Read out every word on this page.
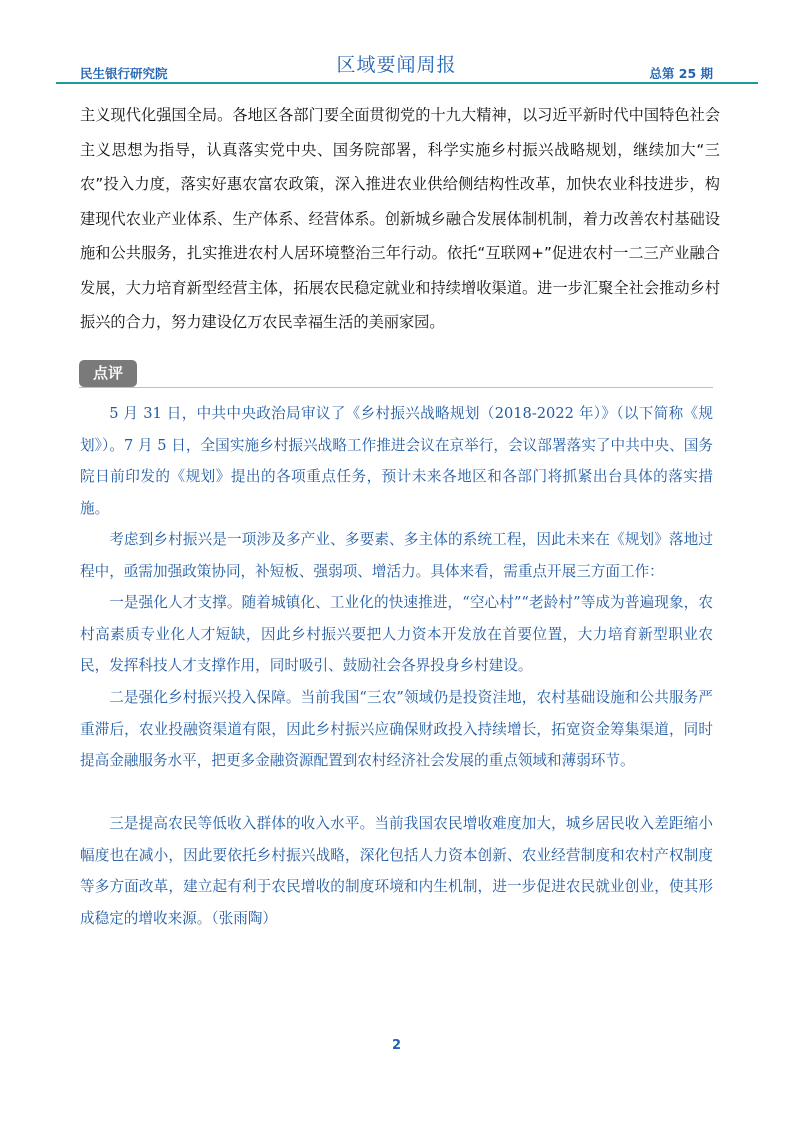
民生银行研究院	区域要闻周报	总第 25 期

主义现代化强国全局。各地区各部门要全面贯彻党的十九大精神，以习近平新时代中国特色社会主义思想为指导，认真落实党中央、国务院部署，科学实施乡村振兴战略规划，继续加大“三农”投入力度，落实好惠农富农政策，深入推进农业供给侧结构性改革，加快农业科技进步，构建现代农业产业体系、生产体系、经营体系。创新城乡融合发展体制机制，着力改善农村基础设施和公共服务，扎实推进农村人居环境整治三年行动。依托“互联网+”促进农村一二三产业融合发展，大力培育新型经营主体，拓展农民稳定就业和持续增收渠道。进一步汇聚全社会推动乡村振兴的合力，努力建设亿万农民幸福生活的美丽家园。

点评

5 月 31 日，中共中央政治局审议了《乡村振兴战略规划（2018-2022 年）》（以下简称《规划》）。7 月 5 日，全国实施乡村振兴战略工作推进会议在京举行，会议部署落实了中共中央、国务院日前印发的《规划》提出的各项重点任务，预计未来各地区和各部门将抓紧出台具体的落实措施。

考虑到乡村振兴是一项涉及多产业、多要素、多主体的系统工程，因此未来在《规划》落地过程中，亟需加强政策协同，补短板、强弱项、增活力。具体来看，需重点开展三方面工作：

一是强化人才支撑。随着城镇化、工业化的快速推进，“空心村”“老龄村”等成为普遍现象，农村高素质专业化人才短缺，因此乡村振兴要把人力资本开发放在首要位置，大力培育新型职业农民，发挥科技人才支撑作用，同时吸引、鼓励社会各界投身乡村建设。

二是强化乡村振兴投入保障。当前我国“三农”领域仍是投资洼地，农村基础设施和公共服务严重滞后，农业投融资渠道有限，因此乡村振兴应确保财政投入持续增长，拓宽资金筹集渠道，同时提高金融服务水平，把更多金融资源配置到农村经济社会发展的重点领域和薄弱环节。

三是提高农民等低收入群体的收入水平。当前我国农民增收难度加大，城乡居民收入差距缩小幅度也在减小，因此要依托乡村振兴战略，深化包括人力资本创新、农业经营制度和农村产权制度等多方面改革，建立起有利于农民增收的制度环境和内生机制，进一步促进农民就业创业，使其形成稳定的增收来源。（张雨陶）

2
